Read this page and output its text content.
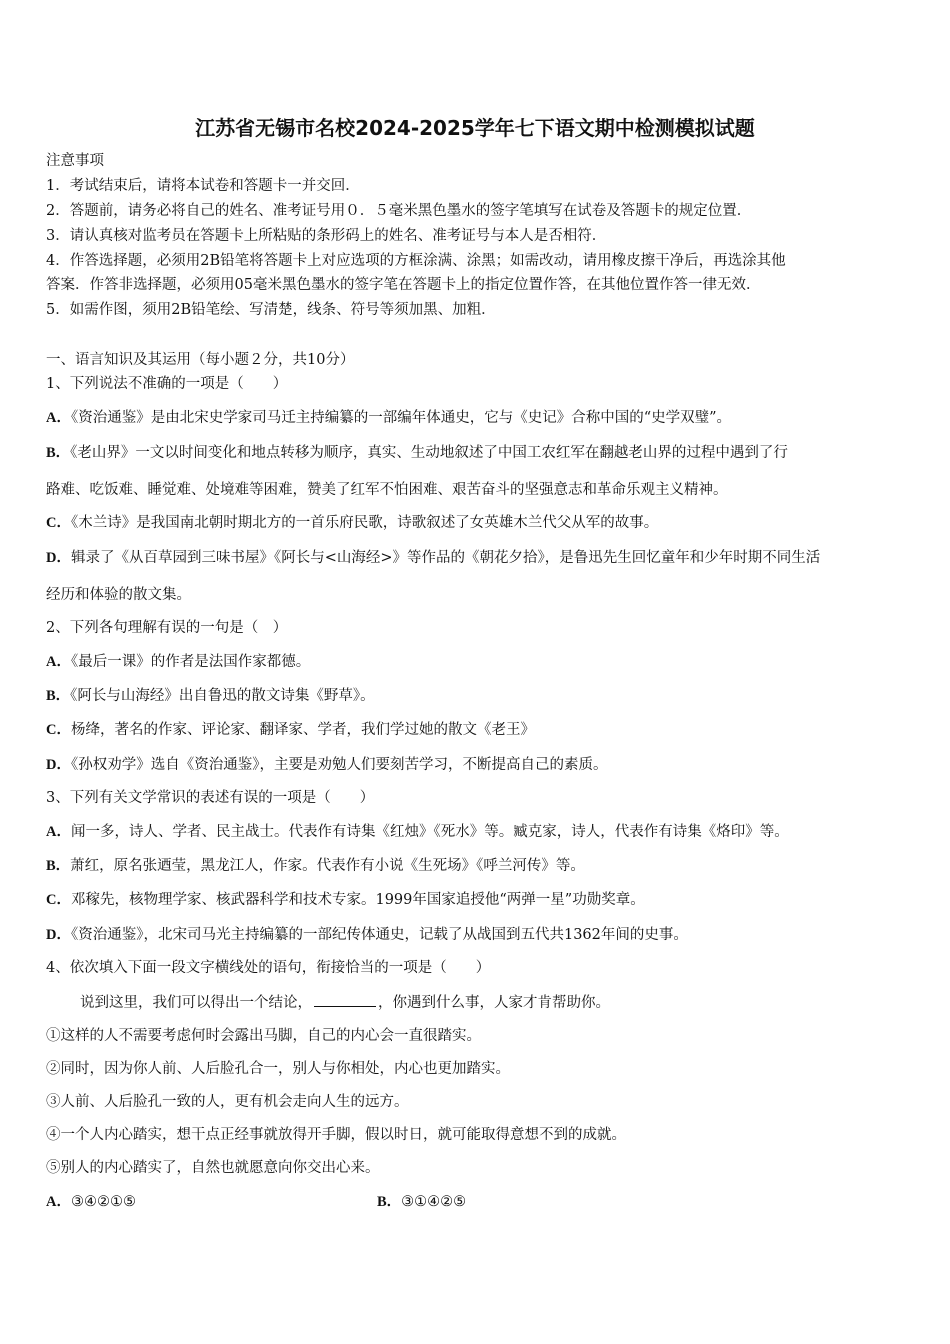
江苏省无锡市名校2024-2025学年七下语文期中检测模拟试题
注意事项
1．考试结束后，请将本试卷和答题卡一并交回．
2．答题前，请务必将自己的姓名、准考证号用０．５毫米黑色墨水的签字笔填写在试卷及答题卡的规定位置．
3．请认真核对监考员在答题卡上所粘贴的条形码上的姓名、准考证号与本人是否相符．
4．作答选择题，必须用2B铅笔将答题卡上对应选项的方框涂满、涂黑；如需改动，请用橡皮擦干净后，再选涂其他
答案．作答非选择题，必须用05毫米黑色墨水的签字笔在答题卡上的指定位置作答，在其他位置作答一律无效．
5．如需作图，须用2B铅笔绘、写清楚，线条、符号等须加黑、加粗．
一、语言知识及其运用（每小题２分，共10分）
1、下列说法不准确的一项是（　　）
A．《资治通鉴》是由北宋史学家司马迁主持编纂的一部编年体通史，它与《史记》合称中国的“史学双璧”。
B．《老山界》一文以时间变化和地点转移为顺序，真实、生动地叙述了中国工农红军在翻越老山界的过程中遇到了行
路难、吃饭难、睡觉难、处境难等困难，赞美了红军不怕困难、艰苦奋斗的坚强意志和革命乐观主义精神。
C．《木兰诗》是我国南北朝时期北方的一首乐府民歌，诗歌叙述了女英雄木兰代父从军的故事。
D．辑录了《从百草园到三味书屋》《阿长与<山海经>》等作品的《朝花夕拾》，是鲁迅先生回忆童年和少年时期不同生活
经历和体验的散文集。
2、下列各句理解有误的一句是（　）
A．《最后一课》的作者是法国作家都德。
B．《阿长与山海经》出自鲁迅的散文诗集《野草》。
C．杨绛，著名的作家、评论家、翻译家、学者，我们学过她的散文《老王》
D．《孙权劝学》选自《资治通鉴》，主要是劝勉人们要刻苦学习，不断提高自己的素质。
3、下列有关文学常识的表述有误的一项是（　　）
A．闻一多，诗人、学者、民主战士。代表作有诗集《红烛》《死水》等。臧克家，诗人，代表作有诗集《烙印》等。
B．萧红，原名张迺莹，黑龙江人，作家。代表作有小说《生死场》《呼兰河传》等。
C．邓稼先，核物理学家、核武器科学和技术专家。1999年国家追授他“两弹一星”功勋奖章。
D．《资治通鉴》，北宋司马光主持编纂的一部纪传体通史，记载了从战国到五代共1362年间的史事。
4、依次填入下面一段文字横线处的语句，衔接恰当的一项是（　　）
说到这里，我们可以得出一个结论，	，你遇到什么事，人家才肯帮助你。
①这样的人不需要考虑何时会露出马脚，自己的内心会一直很踏实。
②同时，因为你人前、人后脸孔合一，别人与你相处，内心也更加踏实。
③人前、人后脸孔一致的人，更有机会走向人生的远方。
④一个人内心踏实，想干点正经事就放得开手脚，假以时日，就可能取得意想不到的成就。
⑤别人的内心踏实了，自然也就愿意向你交出心来。
A．③④②①⑤	B．③①④②⑤
